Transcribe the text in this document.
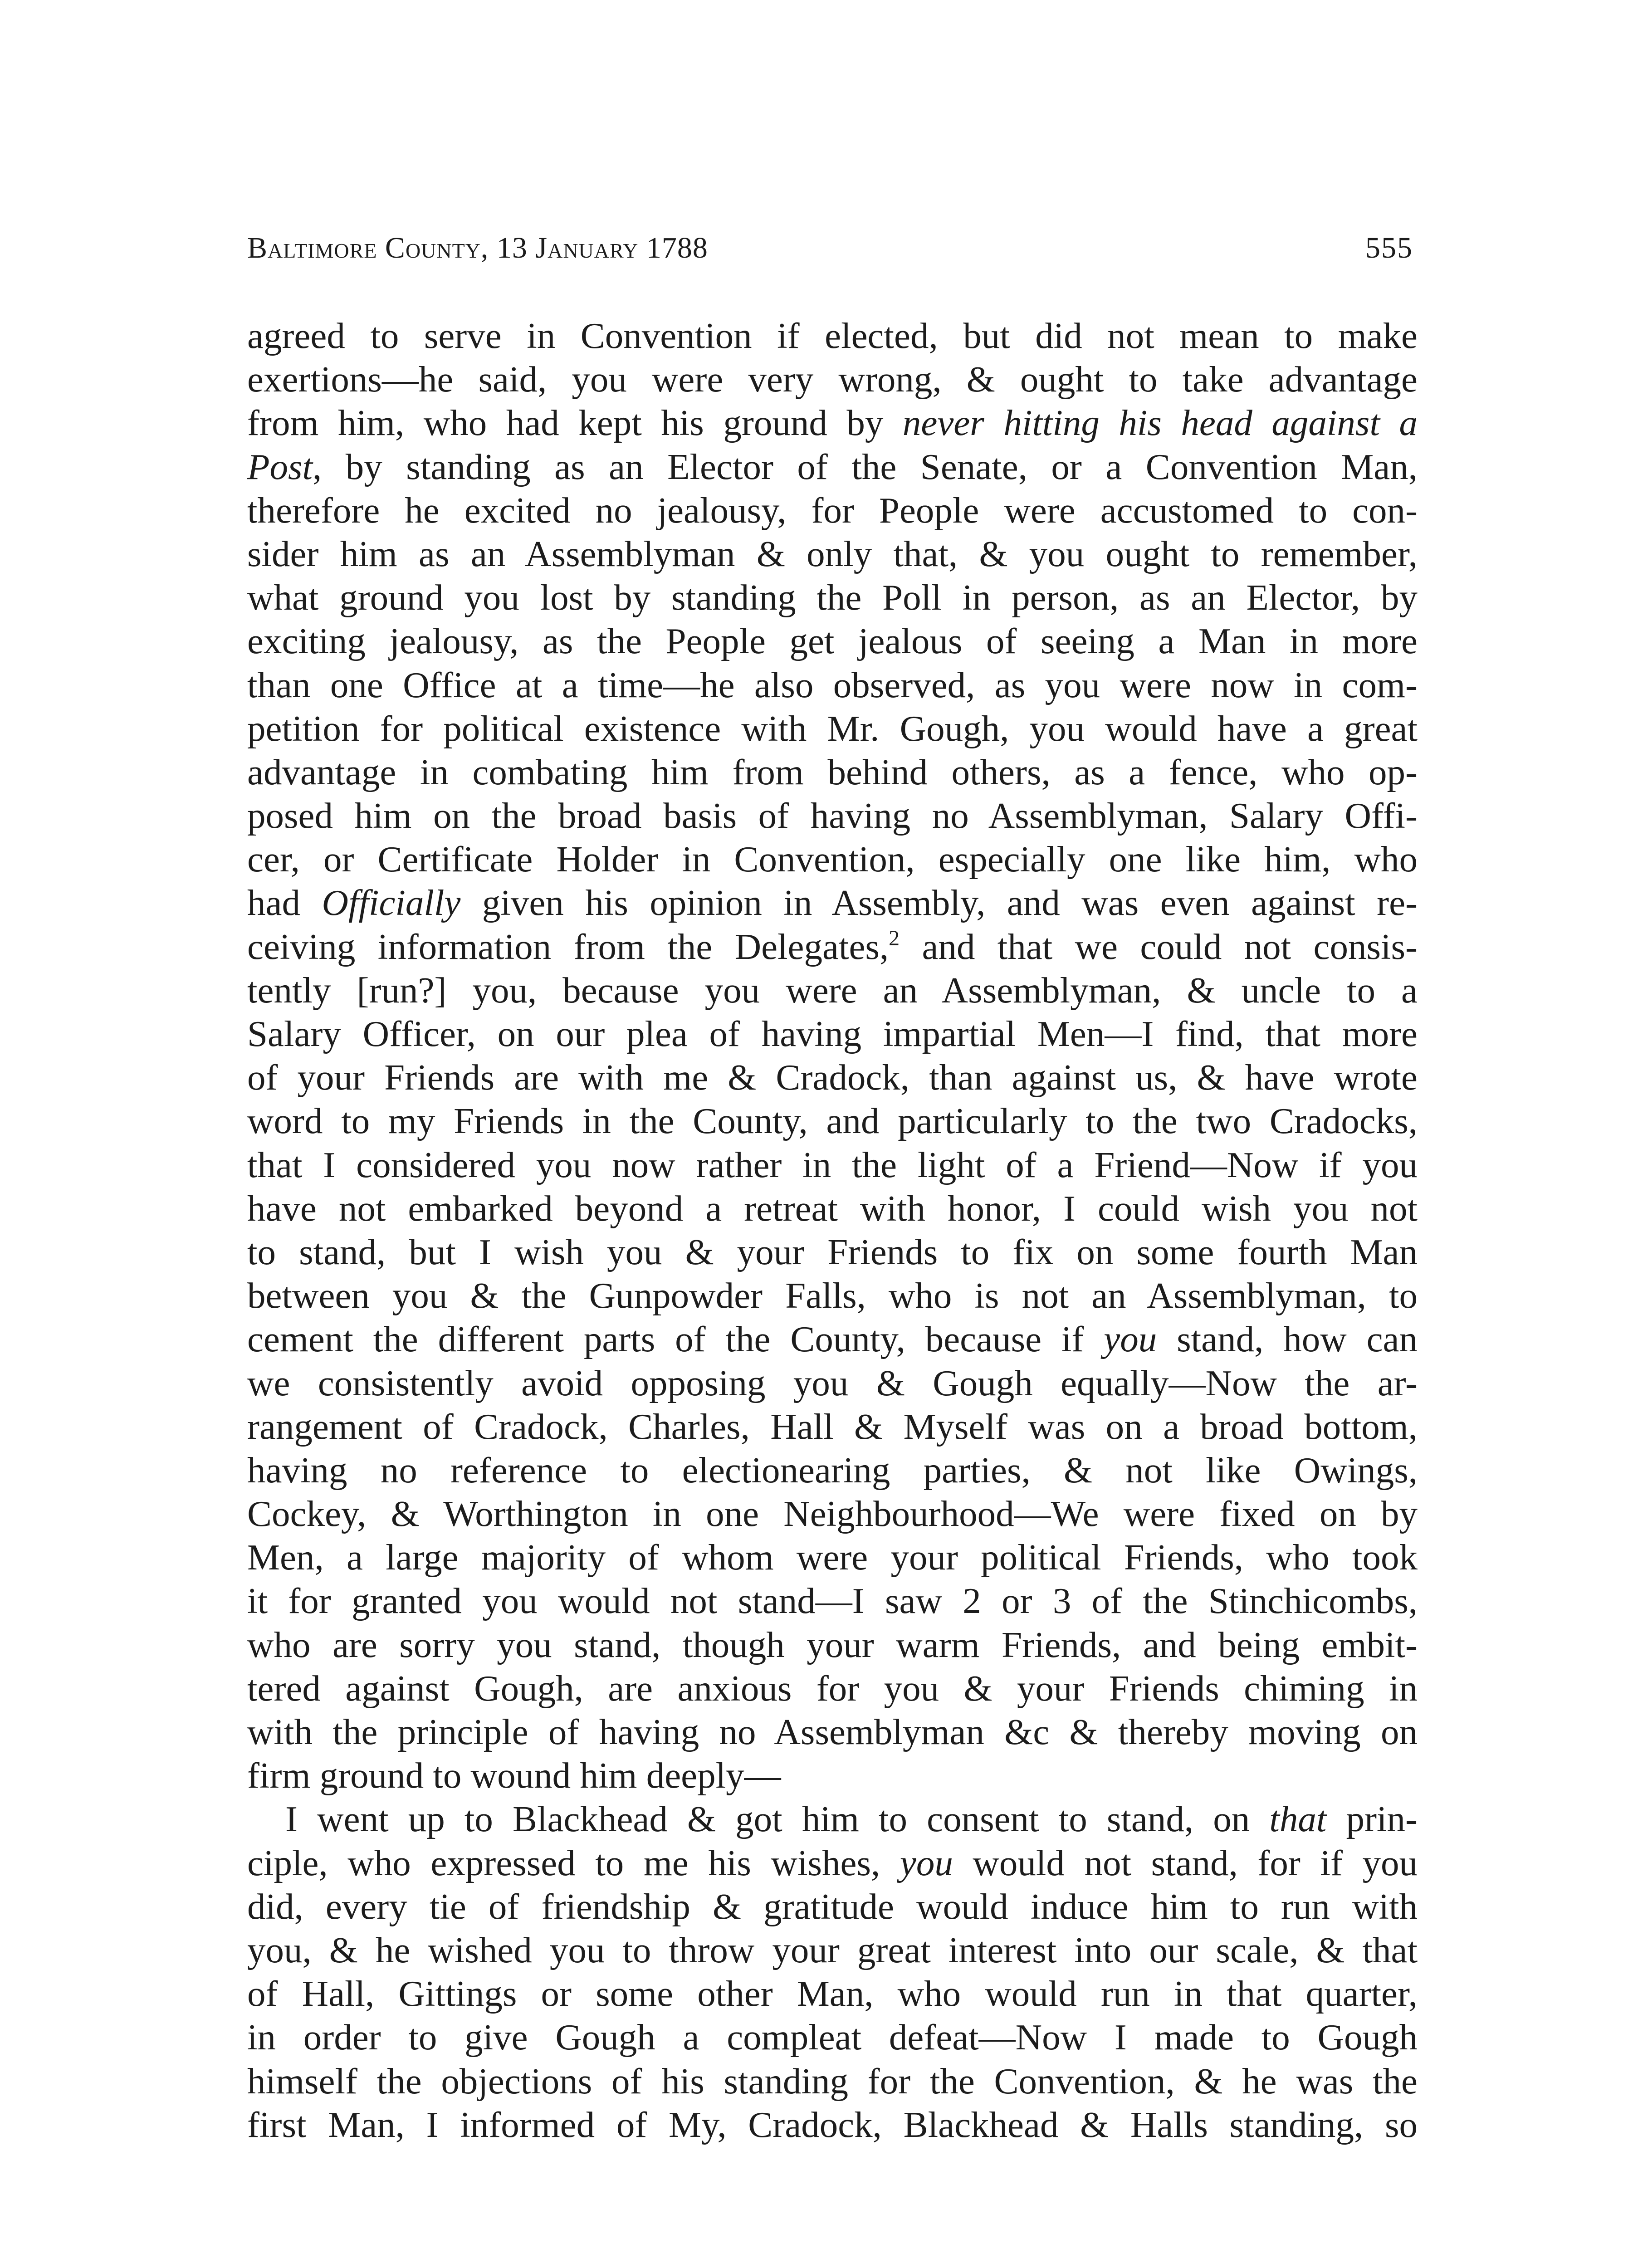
Baltimore County, 13 January 1788	555
agreed to serve in Convention if elected, but did not mean to make
exertions—he said, you were very wrong, & ought to take advantage
from him, who had kept his ground by never hitting his head against a
Post, by standing as an Elector of the Senate, or a Convention Man,
therefore he excited no jealousy, for People were accustomed to con-
sider him as an Assemblyman & only that, & you ought to remember,
what ground you lost by standing the Poll in person, as an Elector, by
exciting jealousy, as the People get jealous of seeing a Man in more
than one Office at a time—he also observed, as you were now in com-
petition for political existence with Mr. Gough, you would have a great
advantage in combating him from behind others, as a fence, who op-
posed him on the broad basis of having no Assemblyman, Salary Offi-
cer, or Certificate Holder in Convention, especially one like him, who
had Officially given his opinion in Assembly, and was even against re-
ceiving information from the Delegates,$^2$ and that we could not consis-
tently [run?] you, because you were an Assemblyman, & uncle to a
Salary Officer, on our plea of having impartial Men—I find, that more
of your Friends are with me & Cradock, than against us, & have wrote
word to my Friends in the County, and particularly to the two Cradocks,
that I considered you now rather in the light of a Friend—Now if you
have not embarked beyond a retreat with honor, I could wish you not
to stand, but I wish you & your Friends to fix on some fourth Man
between you & the Gunpowder Falls, who is not an Assemblyman, to
cement the different parts of the County, because if you stand, how can
we consistently avoid opposing you & Gough equally—Now the ar-
rangement of Cradock, Charles, Hall & Myself was on a broad bottom,
having no reference to electionearing parties, & not like Owings,
Cockey, & Worthington in one Neighbourhood—We were fixed on by
Men, a large majority of whom were your political Friends, who took
it for granted you would not stand—I saw 2 or 3 of the Stinchicombs,
who are sorry you stand, though your warm Friends, and being embit-
tered against Gough, are anxious for you & your Friends chiming in
with the principle of having no Assemblyman &c & thereby moving on
firm ground to wound him deeply—
I went up to Blackhead & got him to consent to stand, on that prin-
ciple, who expressed to me his wishes, you would not stand, for if you
did, every tie of friendship & gratitude would induce him to run with
you, & he wished you to throw your great interest into our scale, & that
of Hall, Gittings or some other Man, who would run in that quarter,
in order to give Gough a compleat defeat—Now I made to Gough
himself the objections of his standing for the Convention, & he was the
first Man, I informed of My, Cradock, Blackhead & Halls standing, so
